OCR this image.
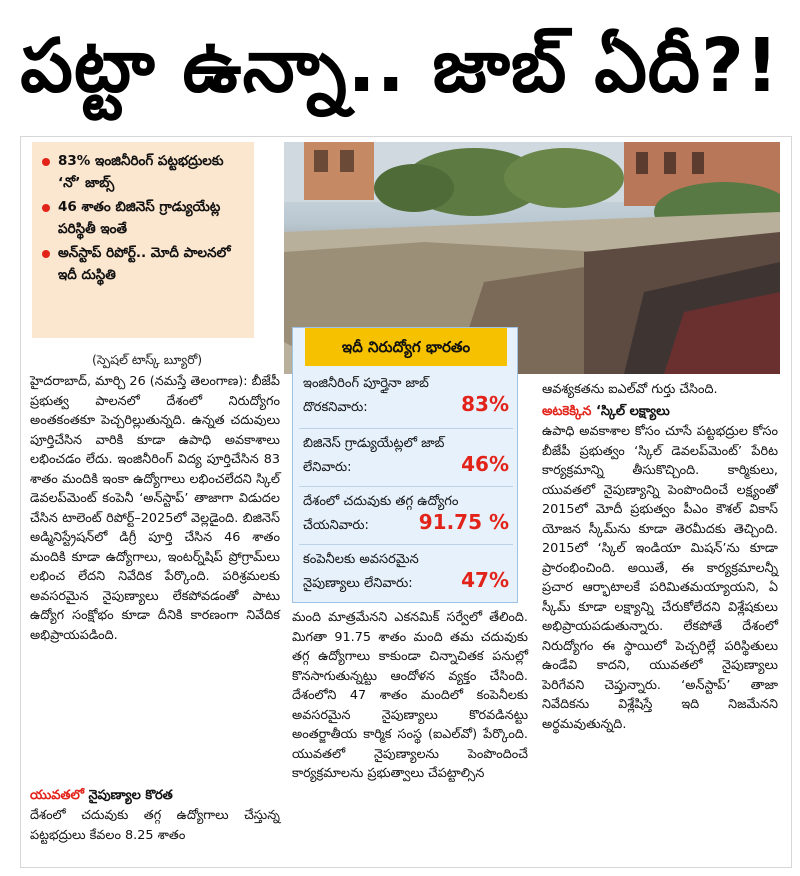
పట్టా ఉన్నా.. జాబ్ ఏదీ?!
83% ఇంజినీరింగ్ పట్టభద్రులకు ‘నో’ జాబ్స్
46 శాతం బిజినెస్ గ్రాడ్యుయేట్ల పరిస్థితీ ఇంతే
అన్‌స్టాప్ రిపోర్ట్.. మోదీ పాలనలో ఇదీ దుస్థితి
ఇదీ నిరుద్యోగ భారతం
ఇంజినీరింగ్ పూర్తైనా జాబ్
దొరకనివారు:	83%
బిజినెస్ గ్రాడ్యుయేట్లలో జాబ్
లేనివారు:	46%
దేశంలో చదువుకు తగ్గ ఉద్యోగం
చేయనివారు: 91.75 %
కంపెనీలకు అవసరమైన
నైపుణ్యాలు లేనివారు: 47%
(స్పెషల్ టాస్క్ బ్యూరో)

హైదరాబాద్, మార్చి 26 (నమస్తే తెలంగాణ): బీజేపీ ప్రభుత్వ పాలనలో దేశంలో నిరుద్యోగం అంతకంతకూ పెచ్చరిల్లుతున్నది. ఉన్నత చదువులు పూర్తిచేసిన వారికి కూడా ఉపాధి అవకాశాలు లభించడం లేదు. ఇంజినీరింగ్ విద్య పూర్తిచేసిన 83 శాతం మందికి ఇంకా ఉద్యోగాలు లభించలేదని స్కిల్ డెవలప్‌మెంట్ కంపెనీ ‘అన్‌స్టాప్’ తాజాగా విడుదల చేసిన టాలెంట్ రిపోర్ట్–2025లో వెల్లడైంది. బిజినెస్ అడ్మినిస్ట్రేషన్‌లో డిగ్రీ పూర్తి చేసిన 46 శాతం మందికి కూడా ఉద్యోగాలు, ఇంటర్న్‌షిప్ ప్రోగ్రామ్‌లు లభించ లేదని నివేదిక పేర్కొంది. పరిశ్రమలకు అవసరమైన నైపుణ్యాలు లేకపోవడంతో పాటు ఉద్యోగ సంక్షోభం కూడా దీనికి కారణంగా నివేదిక అభిప్రాయపడింది.

యువతలో నైపుణ్యాల కొరత

దేశంలో చదువుకు తగ్గ ఉద్యోగాలు చేస్తున్న పట్టభద్రులు కేవలం 8.25 శాతం

మంది మాత్రమేనని ఎకనమిక్ సర్వేలో తేలింది. మిగతా 91.75 శాతం మంది తమ చదువుకు తగ్గ ఉద్యోగాలు కాకుండా చిన్నాచితక పనుల్లో కొనసాగుతున్నట్టు ఆందోళన వ్యక్తం చేసింది. దేశంలోని 47 శాతం మందిలో కంపెనీలకు అవసరమైన నైపుణ్యాలు కొరవడినట్టు అంతర్జాతీయ కార్మిక సంస్థ (ఐఎల్‌వో) పేర్కొంది. యువతలో నైపుణ్యాలను పెంపొందించే కార్యక్రమాలను ప్రభుత్వాలు చేపట్టాల్సిన

ఆవశ్యకతను ఐఎల్‌వో గుర్తు చేసింది.

అటకెక్కిన ‘స్కిల్ లక్ష్యాలు

ఉపాధి అవకాశాల కోసం చూసే పట్టభద్రుల కోసం బీజేపీ ప్రభుత్వం ‘స్కిల్ డెవలప్‌మెంట్’ పేరిట కార్యక్రమాన్ని తీసుకొచ్చింది. కార్మికులు, యువతలో నైపుణ్యాన్ని పెంపొందించే లక్ష్యంతో 2015లో మోదీ ప్రభుత్వం పీఎం కౌశల్ వికాస్ యోజన స్కీమ్‌ను కూడా తెరమీదకు తెచ్చింది. 2015లో ‘స్కిల్ ఇండియా మిషన్’ను కూడా ప్రారంభించింది. అయితే, ఈ కార్యక్రమాలన్నీ ప్రచార ఆర్భాటాలకే పరిమితమయ్యాయని, ఏ స్కీమ్ కూడా లక్ష్యాన్ని చేరుకోలేదని విశ్లేషకులు అభిప్రాయపడుతున్నారు. లేకపోతే దేశంలో నిరుద్యోగం ఈ స్థాయిలో పెచ్చరిల్లే పరిస్థితులు ఉండేవి కాదని, యువతలో నైపుణ్యాలు పెరిగేవని చెప్తున్నారు. ‘అన్‌స్టాప్’ తాజా నివేదికను విశ్లేషిస్తే ఇది నిజమేనని అర్థమవుతున్నది.
